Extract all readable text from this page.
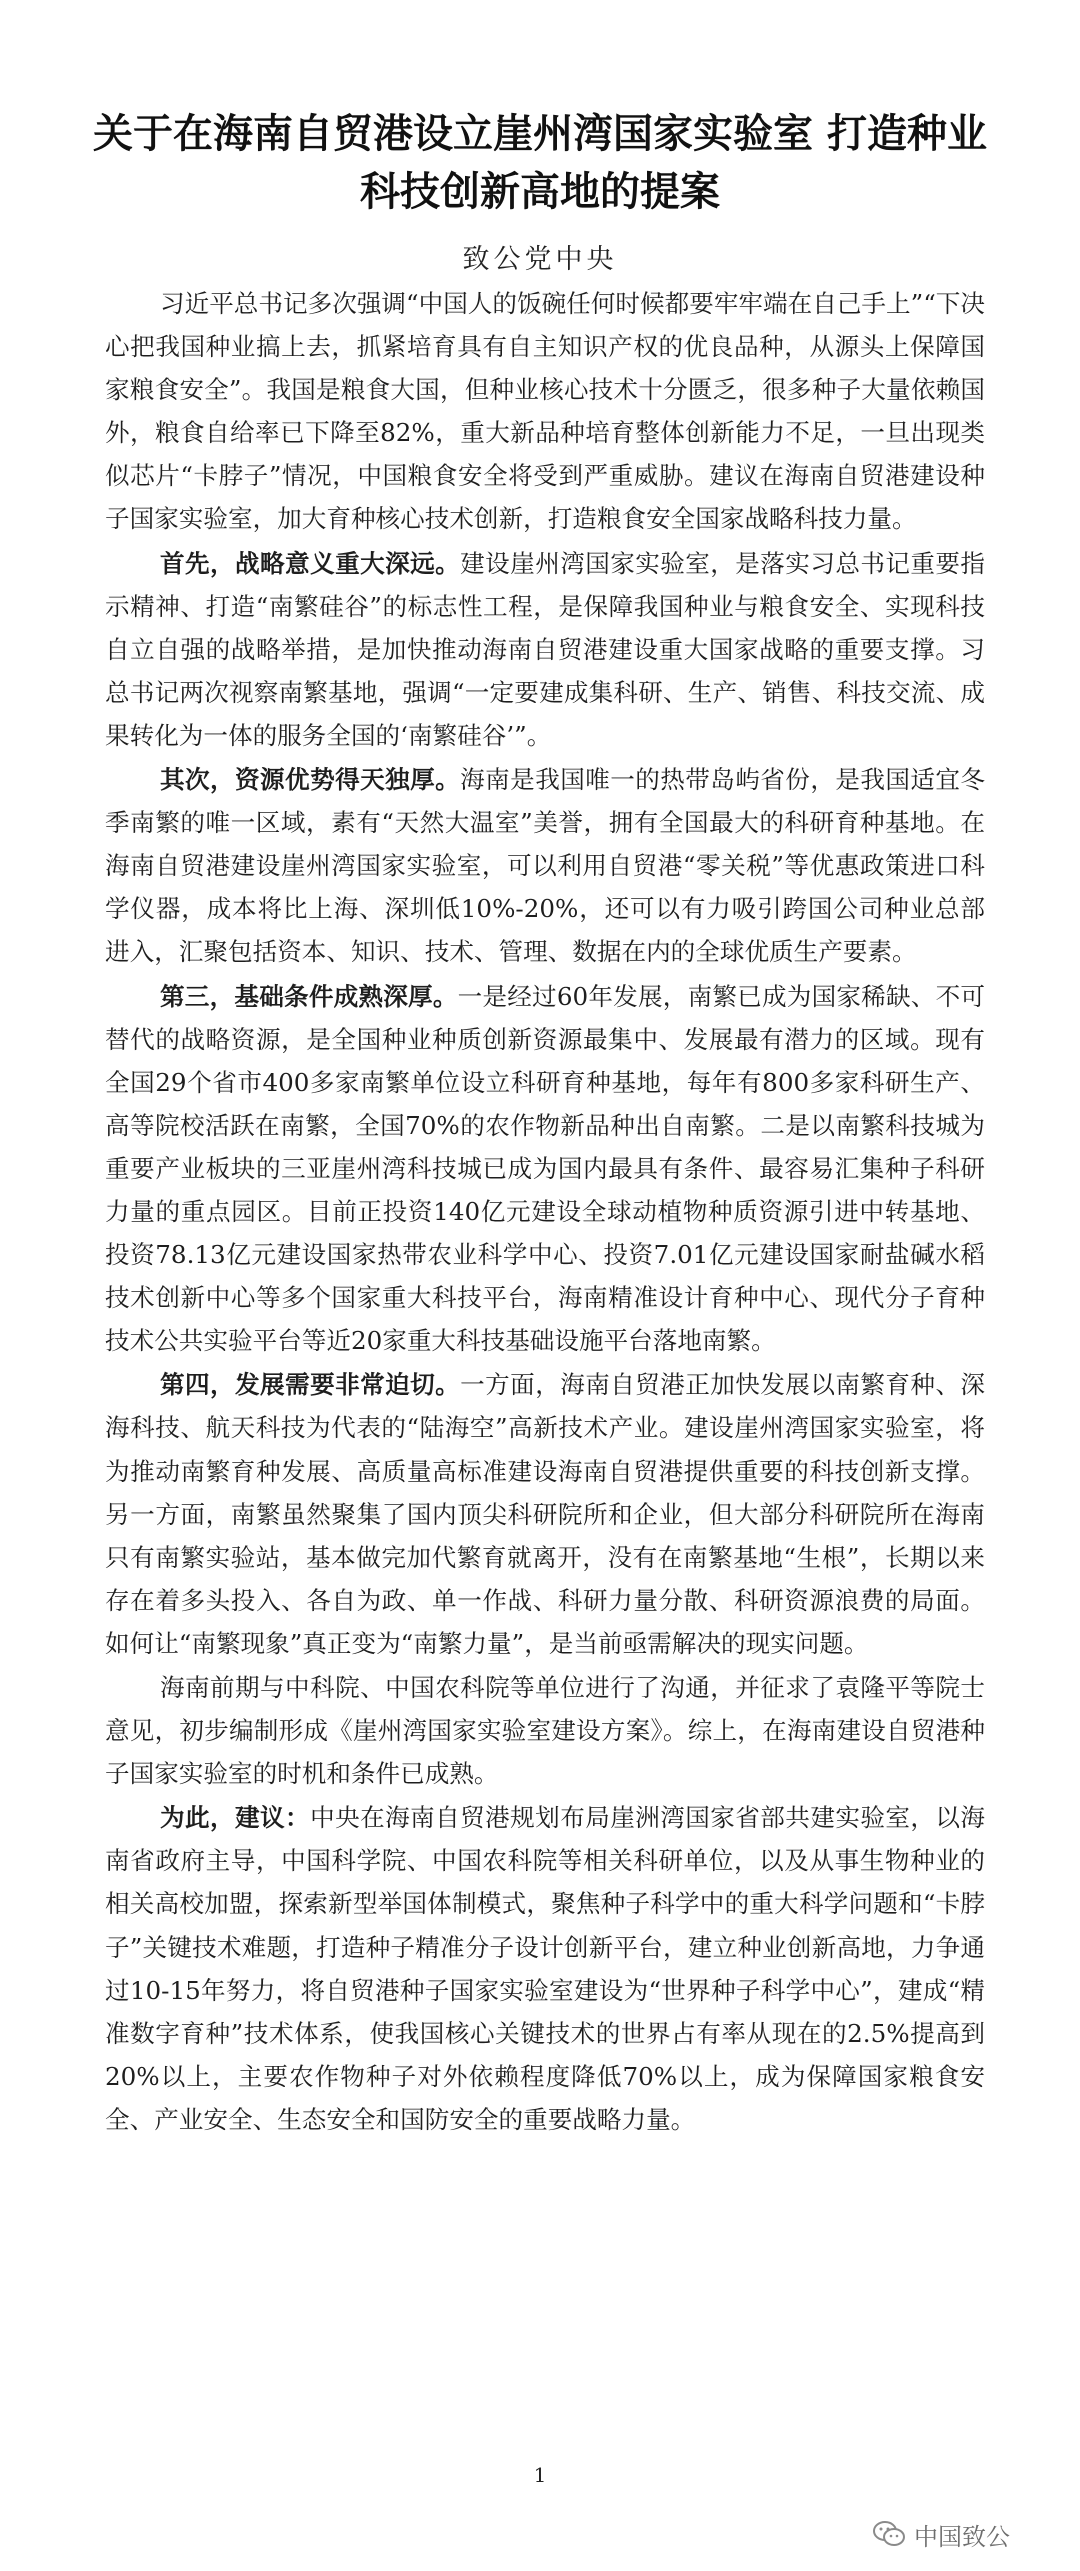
关于在海南自贸港设立崖州湾国家实验室 打造种业
科技创新高地的提案
致公党中央

习近平总书记多次强调“中国人的饭碗任何时候都要牢牢端在自己手上”“下决心把我国种业搞上去，抓紧培育具有自主知识产权的优良品种，从源头上保障国家粮食安全”。我国是粮食大国，但种业核心技术十分匮乏，很多种子大量依赖国外，粮食自给率已下降至82%，重大新品种培育整体创新能力不足，一旦出现类似芯片“卡脖子”情况，中国粮食安全将受到严重威胁。建议在海南自贸港建设种子国家实验室，加大育种核心技术创新，打造粮食安全国家战略科技力量。

首先，战略意义重大深远。建设崖州湾国家实验室，是落实习总书记重要指示精神、打造“南繁硅谷”的标志性工程，是保障我国种业与粮食安全、实现科技自立自强的战略举措，是加快推动海南自贸港建设重大国家战略的重要支撑。习总书记两次视察南繁基地，强调“一定要建成集科研、生产、销售、科技交流、成果转化为一体的服务全国的‘南繁硅谷’”。

其次，资源优势得天独厚。海南是我国唯一的热带岛屿省份，是我国适宜冬季南繁的唯一区域，素有“天然大温室”美誉，拥有全国最大的科研育种基地。在海南自贸港建设崖州湾国家实验室，可以利用自贸港“零关税”等优惠政策进口科学仪器，成本将比上海、深圳低10%-20%，还可以有力吸引跨国公司种业总部进入，汇聚包括资本、知识、技术、管理、数据在内的全球优质生产要素。

第三，基础条件成熟深厚。一是经过60年发展，南繁已成为国家稀缺、不可替代的战略资源，是全国种业种质创新资源最集中、发展最有潜力的区域。现有全国29个省市400多家南繁单位设立科研育种基地，每年有800多家科研生产、高等院校活跃在南繁，全国70%的农作物新品种出自南繁。二是以南繁科技城为重要产业板块的三亚崖州湾科技城已成为国内最具有条件、最容易汇集种子科研力量的重点园区。目前正投资140亿元建设全球动植物种质资源引进中转基地、投资78.13亿元建设国家热带农业科学中心、投资7.01亿元建设国家耐盐碱水稻技术创新中心等多个国家重大科技平台，海南精准设计育种中心、现代分子育种技术公共实验平台等近20家重大科技基础设施平台落地南繁。

第四，发展需要非常迫切。一方面，海南自贸港正加快发展以南繁育种、深海科技、航天科技为代表的“陆海空”高新技术产业。建设崖州湾国家实验室，将为推动南繁育种发展、高质量高标准建设海南自贸港提供重要的科技创新支撑。另一方面，南繁虽然聚集了国内顶尖科研院所和企业，但大部分科研院所在海南只有南繁实验站，基本做完加代繁育就离开，没有在南繁基地“生根”，长期以来存在着多头投入、各自为政、单一作战、科研力量分散、科研资源浪费的局面。如何让“南繁现象”真正变为“南繁力量”，是当前亟需解决的现实问题。

海南前期与中科院、中国农科院等单位进行了沟通，并征求了袁隆平等院士意见，初步编制形成《崖州湾国家实验室建设方案》。综上，在海南建设自贸港种子国家实验室的时机和条件已成熟。

为此，建议：中央在海南自贸港规划布局崖洲湾国家省部共建实验室，以海南省政府主导，中国科学院、中国农科院等相关科研单位，以及从事生物种业的相关高校加盟，探索新型举国体制模式，聚焦种子科学中的重大科学问题和“卡脖子”关键技术难题，打造种子精准分子设计创新平台，建立种业创新高地，力争通过10-15年努力，将自贸港种子国家实验室建设为“世界种子科学中心”，建成“精准数字育种”技术体系，使我国核心关键技术的世界占有率从现在的2.5%提高到20%以上，主要农作物种子对外依赖程度降低70%以上，成为保障国家粮食安全、产业安全、生态安全和国防安全的重要战略力量。

1
中国致公
